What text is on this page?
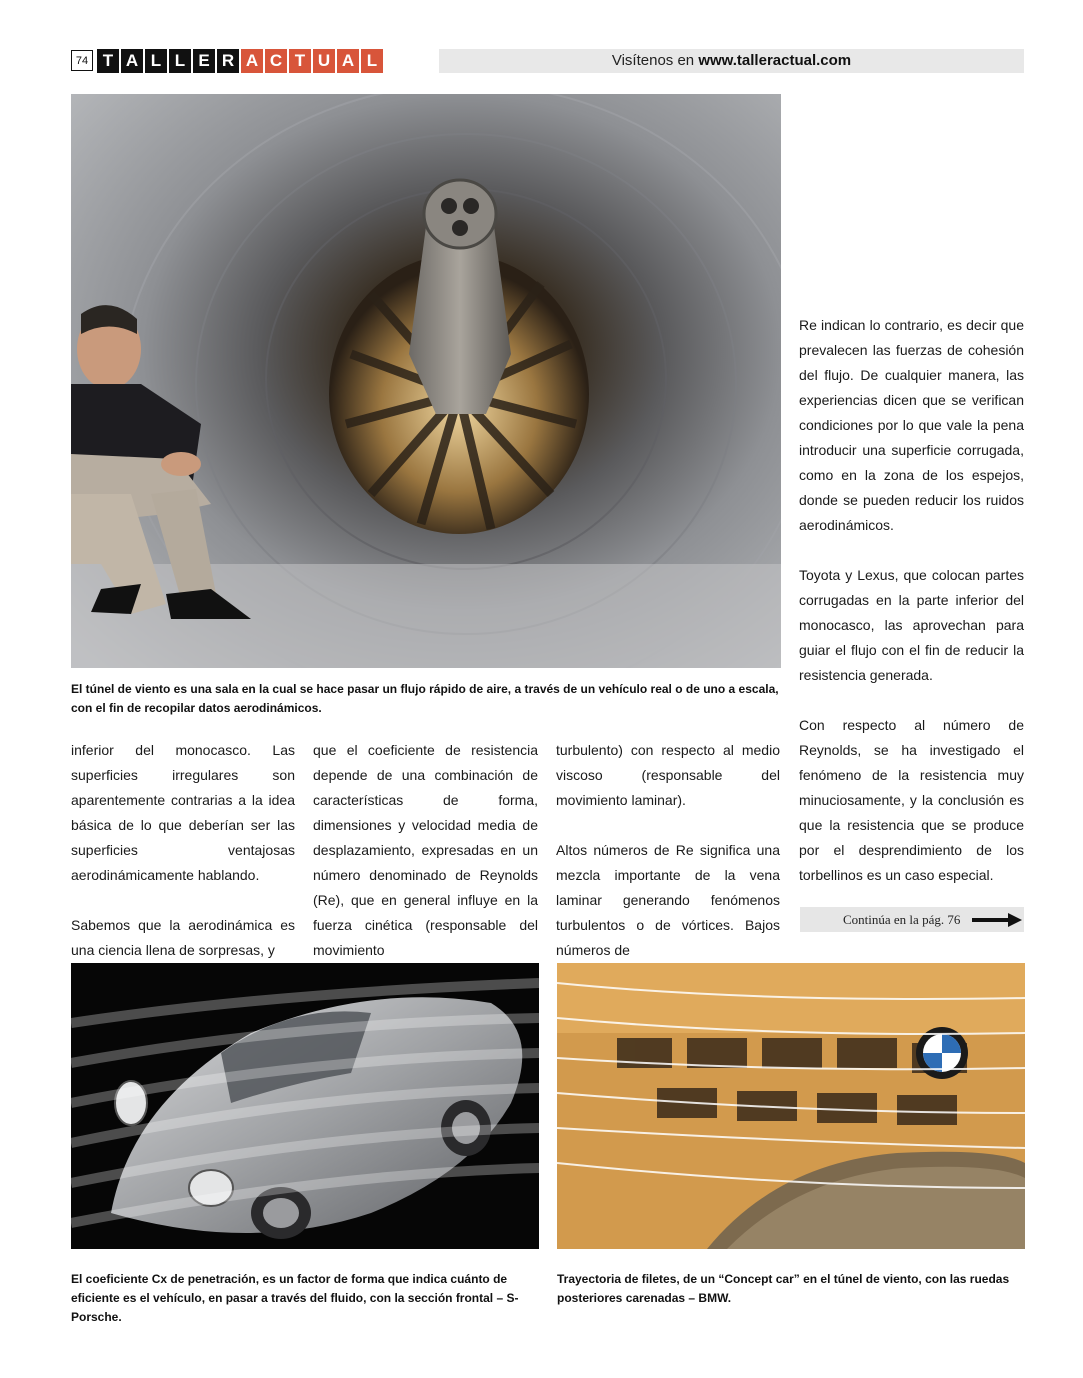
74 T A L L E R A C T U A L	Visítenos en www.talleractual.com
El túnel de viento es una sala en la cual se hace pasar un flujo rápido de aire, a través de un vehículo real o de uno a escala, con el fin de recopilar datos aerodinámicos.

inferior del monocasco. Las superficies irregulares son aparentemente contrarias a la idea básica de lo que deberían ser las superficies ventajosas aerodinámicamente hablando.

Sabemos que la aerodinámica es una ciencia llena de sorpresas, y

que el coeficiente de resistencia depende de una combinación de características de forma, dimensiones y velocidad media de desplazamiento, expresadas en un número denominado de Reynolds (Re), que en general influye en la fuerza cinética (responsable del movimiento

turbulento) con respecto al medio viscoso (responsable del movimiento laminar).

Altos números de Re significa una mezcla importante de la vena laminar generando fenómenos turbulentos o de vórtices. Bajos números de

Re indican lo contrario, es decir que prevalecen las fuerzas de cohesión del flujo. De cualquier manera, las experiencias dicen que se verifican condiciones por lo que vale la pena introducir una superficie corrugada, como en la zona de los espejos, donde se pueden reducir los ruidos aerodinámicos.

Toyota y Lexus, que colocan partes corrugadas en la parte inferior del monocasco, las aprovechan para guiar el flujo con el fin de reducir la resistencia generada.

Con respecto al número de Reynolds, se ha investigado el fenómeno de la resistencia muy minuciosamente, y la conclusión es que la resistencia que se produce por el desprendimiento de los torbellinos es un caso especial.

Continúa en la pág. 76
El coeficiente Cx de penetración, es un factor de forma que indica cuánto de eficiente es el vehículo, en pasar a través del fluido, con la sección frontal – S-Porsche.
Trayectoria de filetes, de un “Concept car” en el túnel de viento, con las ruedas posteriores carenadas – BMW.
